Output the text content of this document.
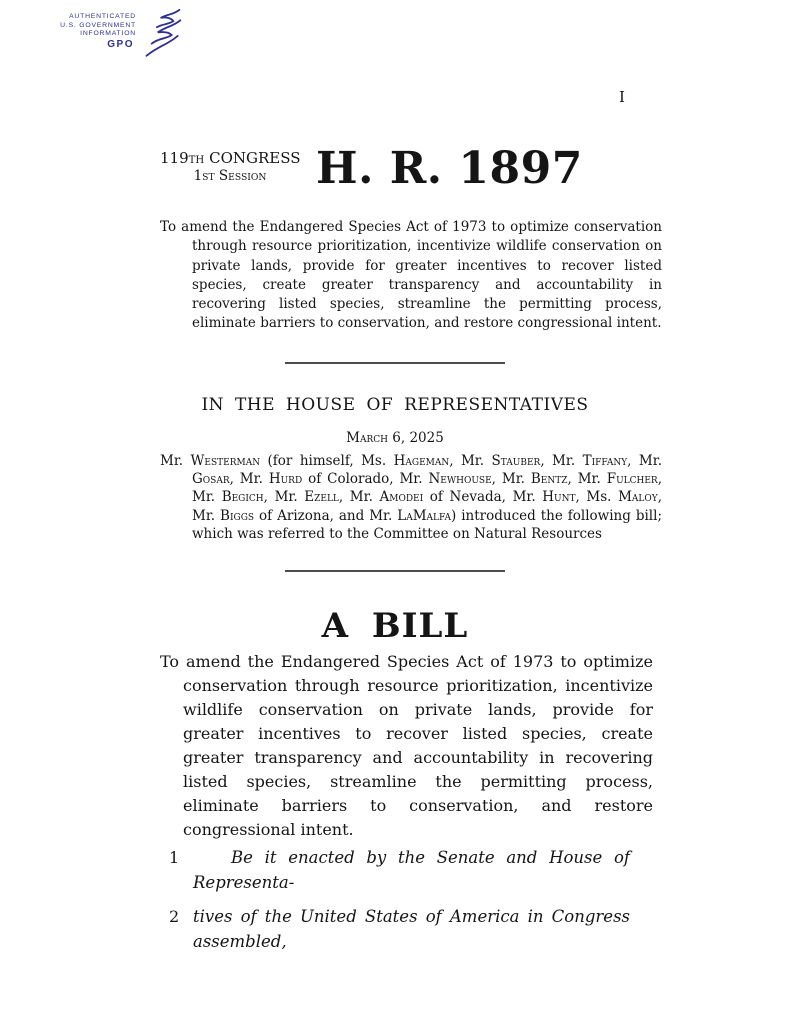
AUTHENTICATED
U.S. GOVERNMENT
INFORMATION
GPO
I
119TH CONGRESS
1ST SESSION	H. R. 1897
To amend the Endangered Species Act of 1973 to optimize conservation through resource prioritization, incentivize wildlife conservation on private lands, provide for greater incentives to recover listed species, create greater transparency and accountability in recovering listed species, streamline the permitting process, eliminate barriers to conservation, and restore congressional intent.
IN THE HOUSE OF REPRESENTATIVES
March 6, 2025
Mr. Westerman (for himself, Ms. Hageman, Mr. Stauber, Mr. Tiffany, Mr. Gosar, Mr. Hurd of Colorado, Mr. Newhouse, Mr. Bentz, Mr. Fulcher, Mr. Begich, Mr. Ezell, Mr. Amodei of Nevada, Mr. Hunt, Ms. Maloy, Mr. Biggs of Arizona, and Mr. LaMalfa) introduced the following bill; which was referred to the Committee on Natural Resources
A BILL
To amend the Endangered Species Act of 1973 to optimize conservation through resource prioritization, incentivize wildlife conservation on private lands, provide for greater incentives to recover listed species, create greater transparency and accountability in recovering listed species, streamline the permitting process, eliminate barriers to conservation, and restore congressional intent.
1	Be it enacted by the Senate and House of Representa-
2 tives of the United States of America in Congress assembled,
